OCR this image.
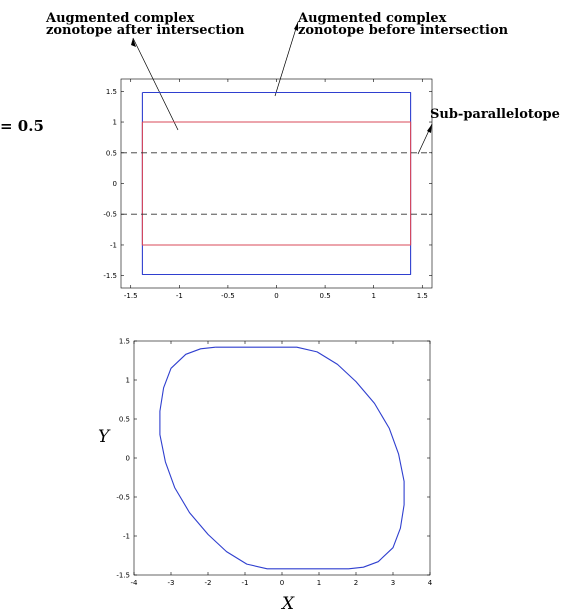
Augmented complex
zonotope after intersection
Augmented complex
zonotope before intersection
Sub-parallelotope
= 0.5
-1.5	-1	-0.5	0	0.5	1	1.5
1.5
1
0.5
0
-0.5
-1
-1.5
-4	-3	-2	-1	0	1	2	3	4
1.5
1
0.5
0
-0.5
-1
-1.5
Y
X
